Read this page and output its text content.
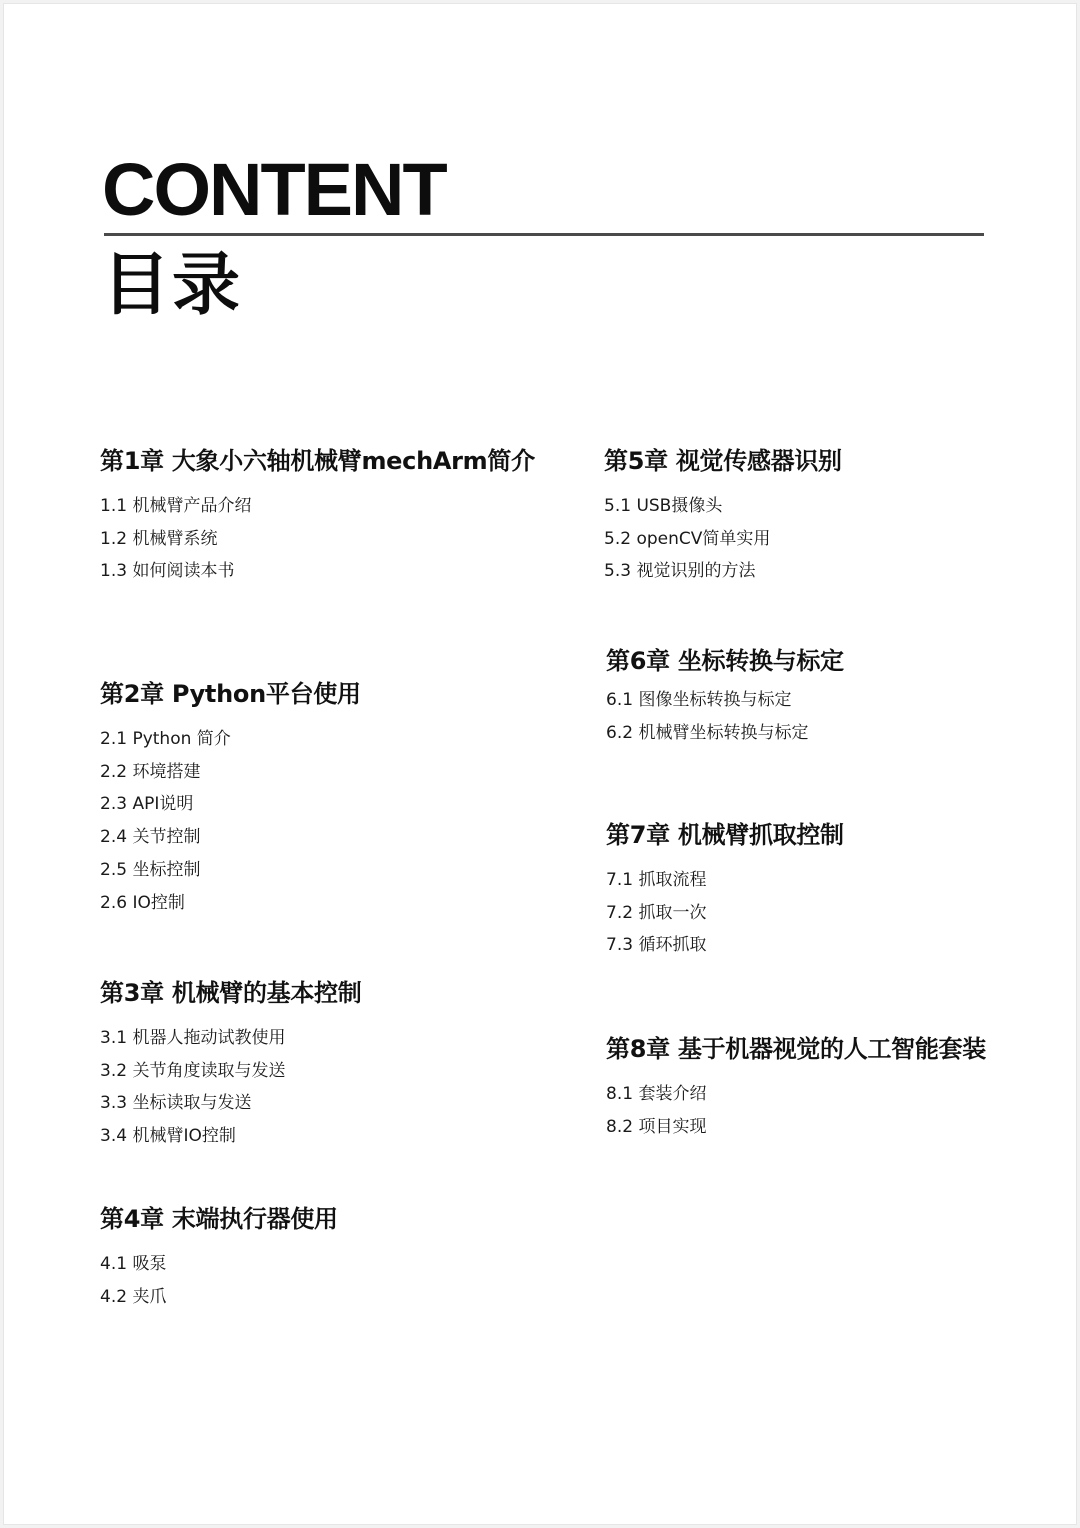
CONTENT
目录
第1章 大象小六轴机械臂mechArm简介
1.1 机械臂产品介绍
1.2 机械臂系统
1.3 如何阅读本书
第2章 Python平台使用
2.1 Python 简介
2.2 环境搭建
2.3 API说明
2.4 关节控制
2.5 坐标控制
2.6 IO控制
第3章 机械臂的基本控制
3.1 机器人拖动试教使用
3.2 关节角度读取与发送
3.3 坐标读取与发送
3.4 机械臂IO控制
第4章 末端执行器使用
4.1 吸泵
4.2 夹爪
第5章 视觉传感器识别
5.1 USB摄像头
5.2 openCV简单实用
5.3 视觉识别的方法
第6章 坐标转换与标定
6.1 图像坐标转换与标定
6.2 机械臂坐标转换与标定
第7章 机械臂抓取控制
7.1 抓取流程
7.2 抓取一次
7.3 循环抓取
第8章 基于机器视觉的人工智能套装
8.1 套装介绍
8.2 项目实现
